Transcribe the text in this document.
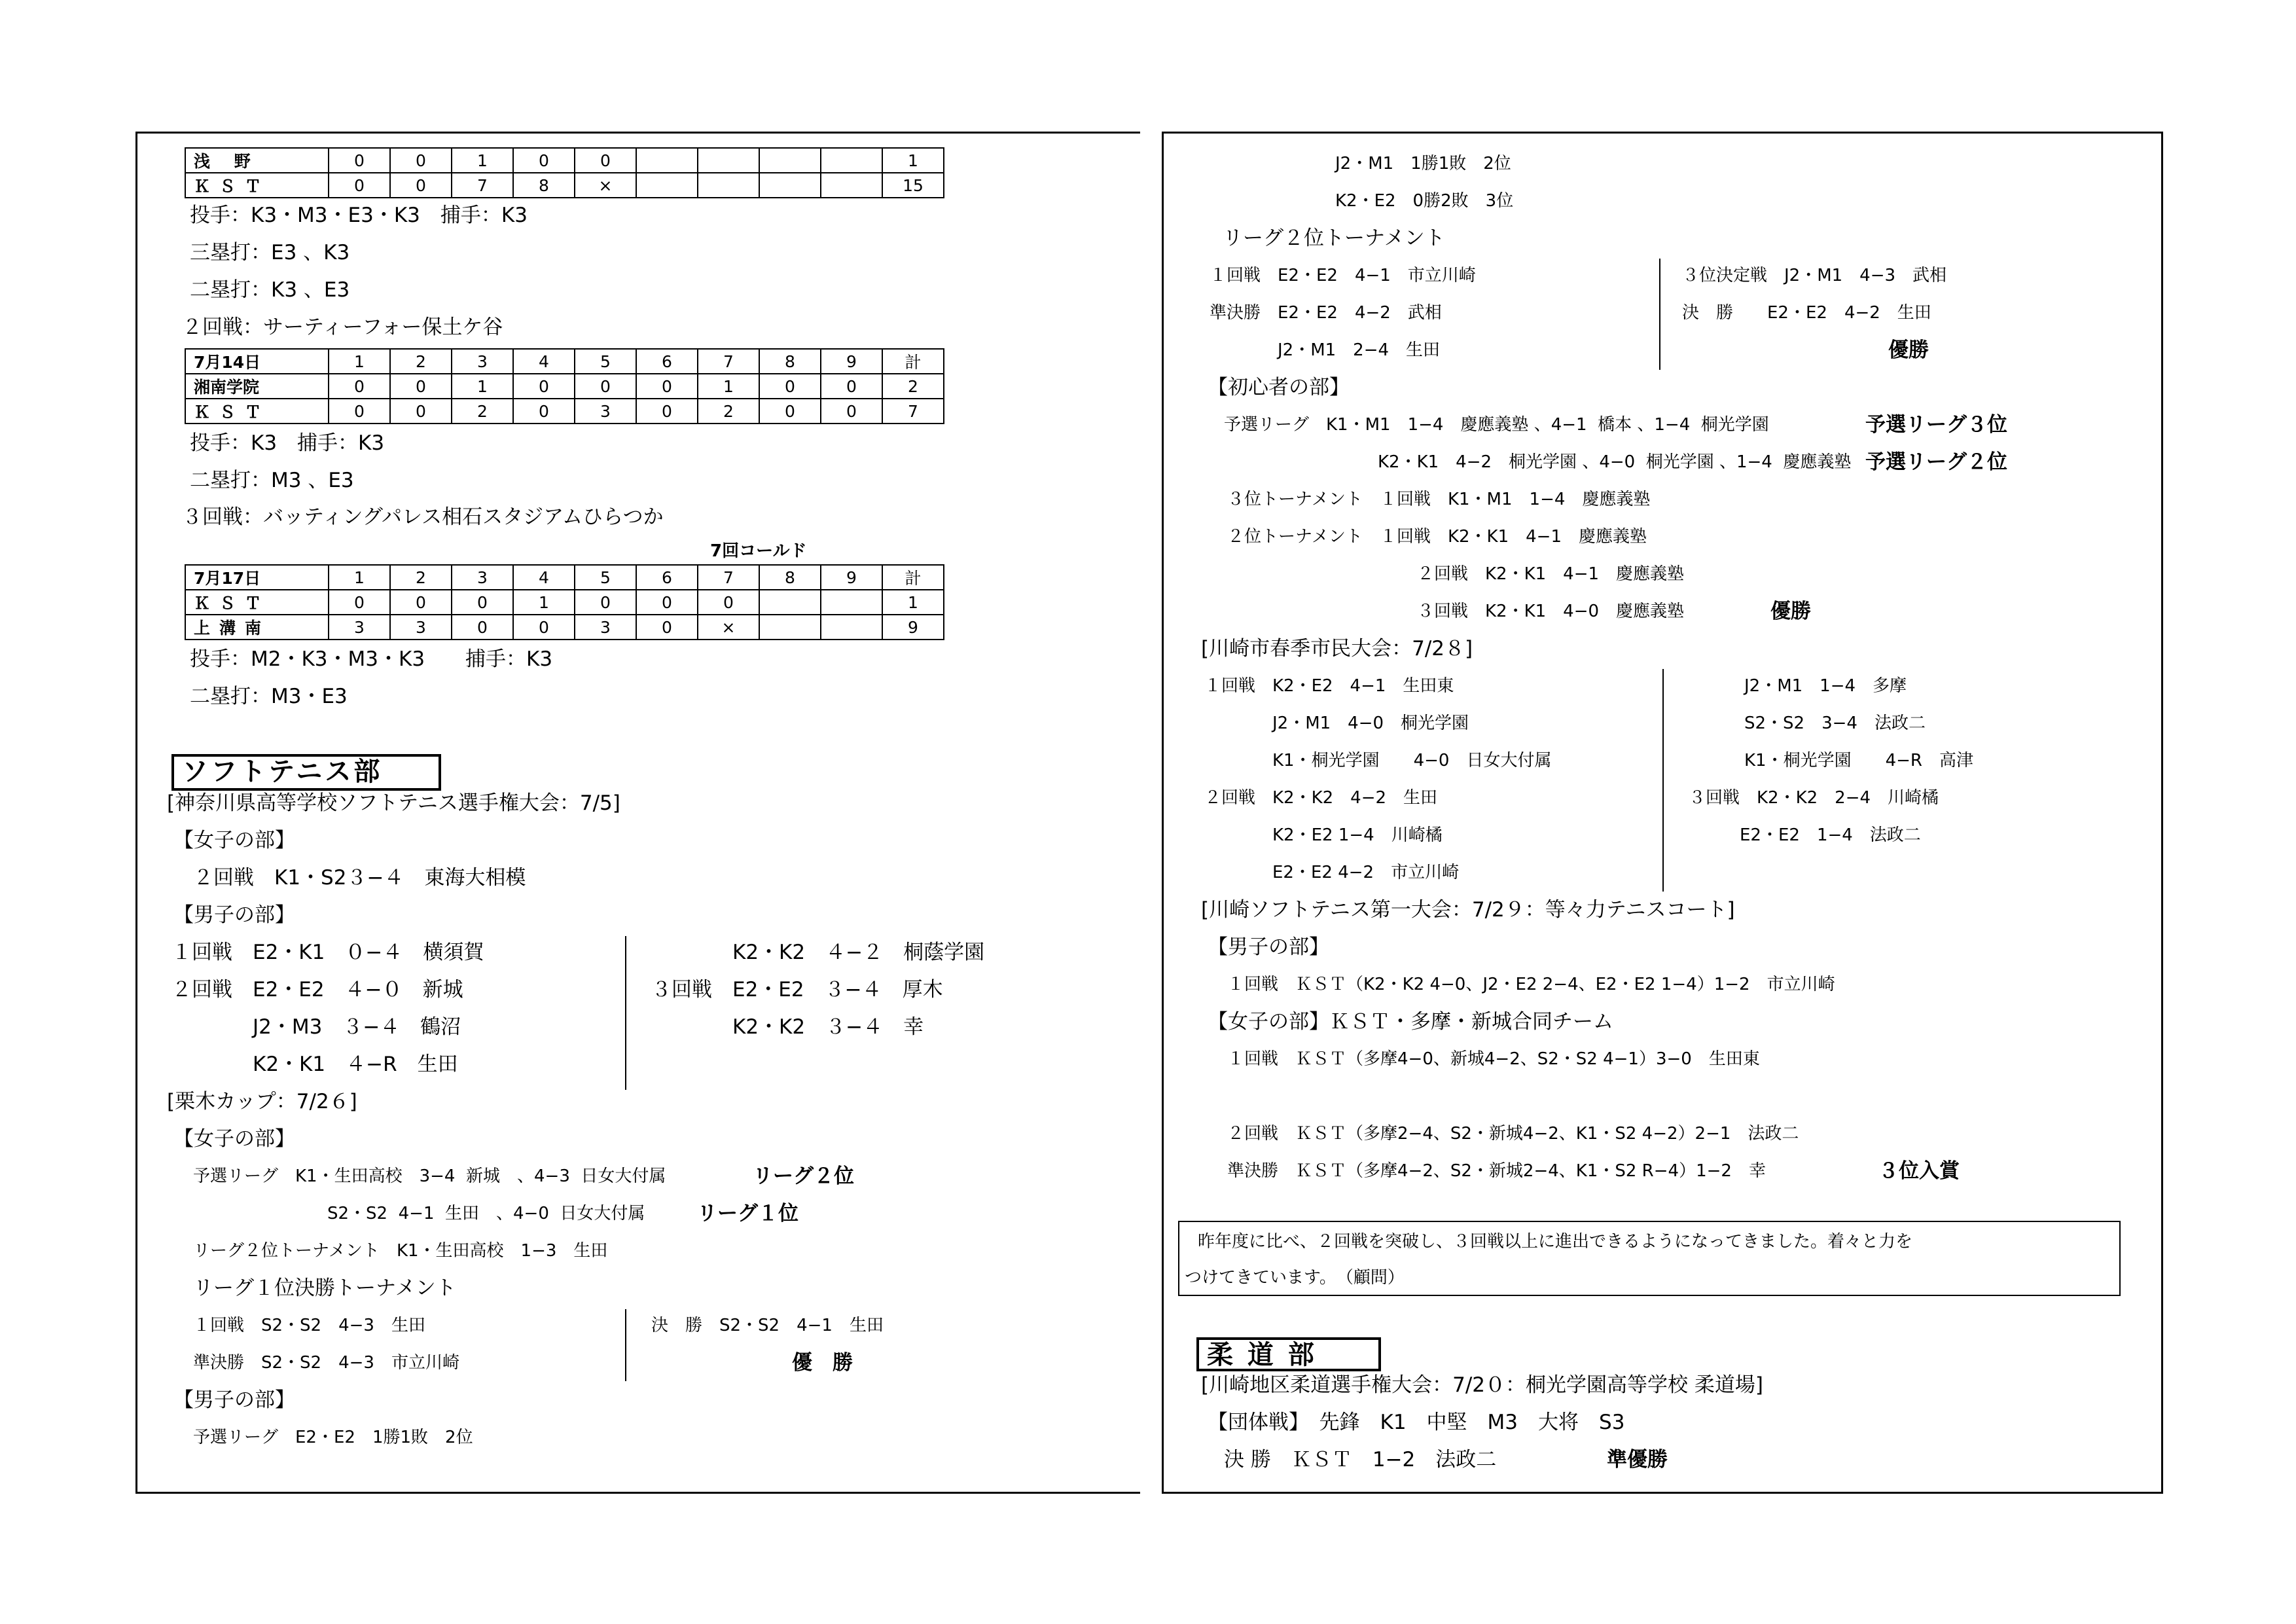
浅 野	0	0	1	0	0					1
ＫＳＴ	0	0	7	8	×					15
投手：K3・M3・E3・K3　捕手：K3
三塁打：E3 、K3
二塁打：K3 、E3
２回戦：サーティーフォー保土ケ谷
7月14日	1	2	3	4	5	6	7	8	9	計
湘南学院	0	0	1	0	0	0	1	0	0	2
ＫＳＴ	0	0	2	0	3	0	2	0	0	7
投手：K3　捕手：K3
二塁打：M3 、E3
３回戦：バッティングパレス相石スタジアムひらつか
7回コールド
7月17日	1	2	3	4	5	6	7	8	9	計
ＫＳＴ	0	0	0	1	0	0	0			1
上溝南	3	3	0	0	3	0	×			9
投手：M2・K3・M3・K3　　捕手：K3
二塁打：M3・E3
ソフトテニス部
[神奈川県高等学校ソフトテニス選手権大会：7/5]
【女子の部】
２回戦　K1・S2３−４　東海大相模
【男子の部】
１回戦　E2・K1　０−４　横須賀
２回戦　E2・E2　４−０　新城
　　　　J2・M3　３−４　鶴沼
　　　　K2・K1　４−R　生田
　　　　K2・K2　４−２　桐蔭学園
３回戦　E2・E2　３−４　厚木
　　　　K2・K2　３−４　幸
[栗木カップ：7/2６]
【女子の部】
予選リーグ　K1・生田高校　3−4  新城　、4−3  日女大付属	リーグ２位
S2・S2  4−1  生田　、4−0  日女大付属	リーグ１位
リーグ２位トーナメント　K1・生田高校　1−3　生田
リーグ１位決勝トーナメント
１回戦　S2・S2　4−3　生田
準決勝　S2・S2　4−3　市立川崎
決　勝　S2・S2　4−1　生田
優　勝
【男子の部】
予選リーグ　E2・E2　1勝1敗　2位
J2・M1　1勝1敗　2位
K2・E2　0勝2敗　3位
リーグ２位トーナメント
１回戦　E2・E2　4−1　市立川崎
準決勝　E2・E2　4−2　武相
　　　　J2・M1　2−4　生田
３位決定戦　J2・M1　4−3　武相
決　勝　　E2・E2　4−2　生田
優勝
【初心者の部】
予選リーグ　K1・M1　1−4　慶應義塾 、4−1  橋本 、1−4  桐光学園	予選リーグ３位
K2・K1　4−2　桐光学園 、4−0  桐光学園 、1−4  慶應義塾 予選リーグ２位
３位トーナメント　１回戦　K1・M1　1−4　慶應義塾
２位トーナメント　１回戦　K2・K1　4−1　慶應義塾
２回戦　K2・K1　4−1　慶應義塾
３回戦　K2・K1　4−0　慶應義塾	優勝
[川崎市春季市民大会：7/2８]
１回戦　K2・E2　4−1　生田東
　　　　J2・M1　4−0　桐光学園
　　　　K1・桐光学園　　4−0　日女大付属
２回戦　K2・K2　4−2　生田
　　　　K2・E2 1−4　川崎橘
　　　　E2・E2 4−2　市立川崎
J2・M1　1−4　多摩
S2・S2　3−4　法政二
K1・桐光学園　　4−R　高津
３回戦　K2・K2　2−4　川崎橘
　　　E2・E2　1−4　法政二
[川崎ソフトテニス第一大会：7/2９：等々力テニスコート]
【男子の部】
１回戦　ＫＳＴ（K2・K2 4−0、J2・E2 2−4、E2・E2 1−4）1−2　市立川崎
【女子の部】ＫＳＴ・多摩・新城合同チーム
１回戦　ＫＳＴ（多摩4−0、新城4−2、S2・S2 4−1）3−0　生田東
２回戦　ＫＳＴ（多摩2−4、S2・新城4−2、K1・S2 4−2）2−1　法政二
準決勝　ＫＳＴ（多摩4−2、S2・新城2−4、K1・S2 R−4）1−2　幸	３位入賞
昨年度に比べ、２回戦を突破し、３回戦以上に進出できるようになってきました。着々と力を
つけてきています。　（顧問）
柔 道 部
[川崎地区柔道選手権大会：7/2０：桐光学園高等学校 柔道場]
【団体戦】　先鋒　K1　中堅　M3　大将　S3
決 勝　ＫＳＴ　1−2　法政二	準優勝
